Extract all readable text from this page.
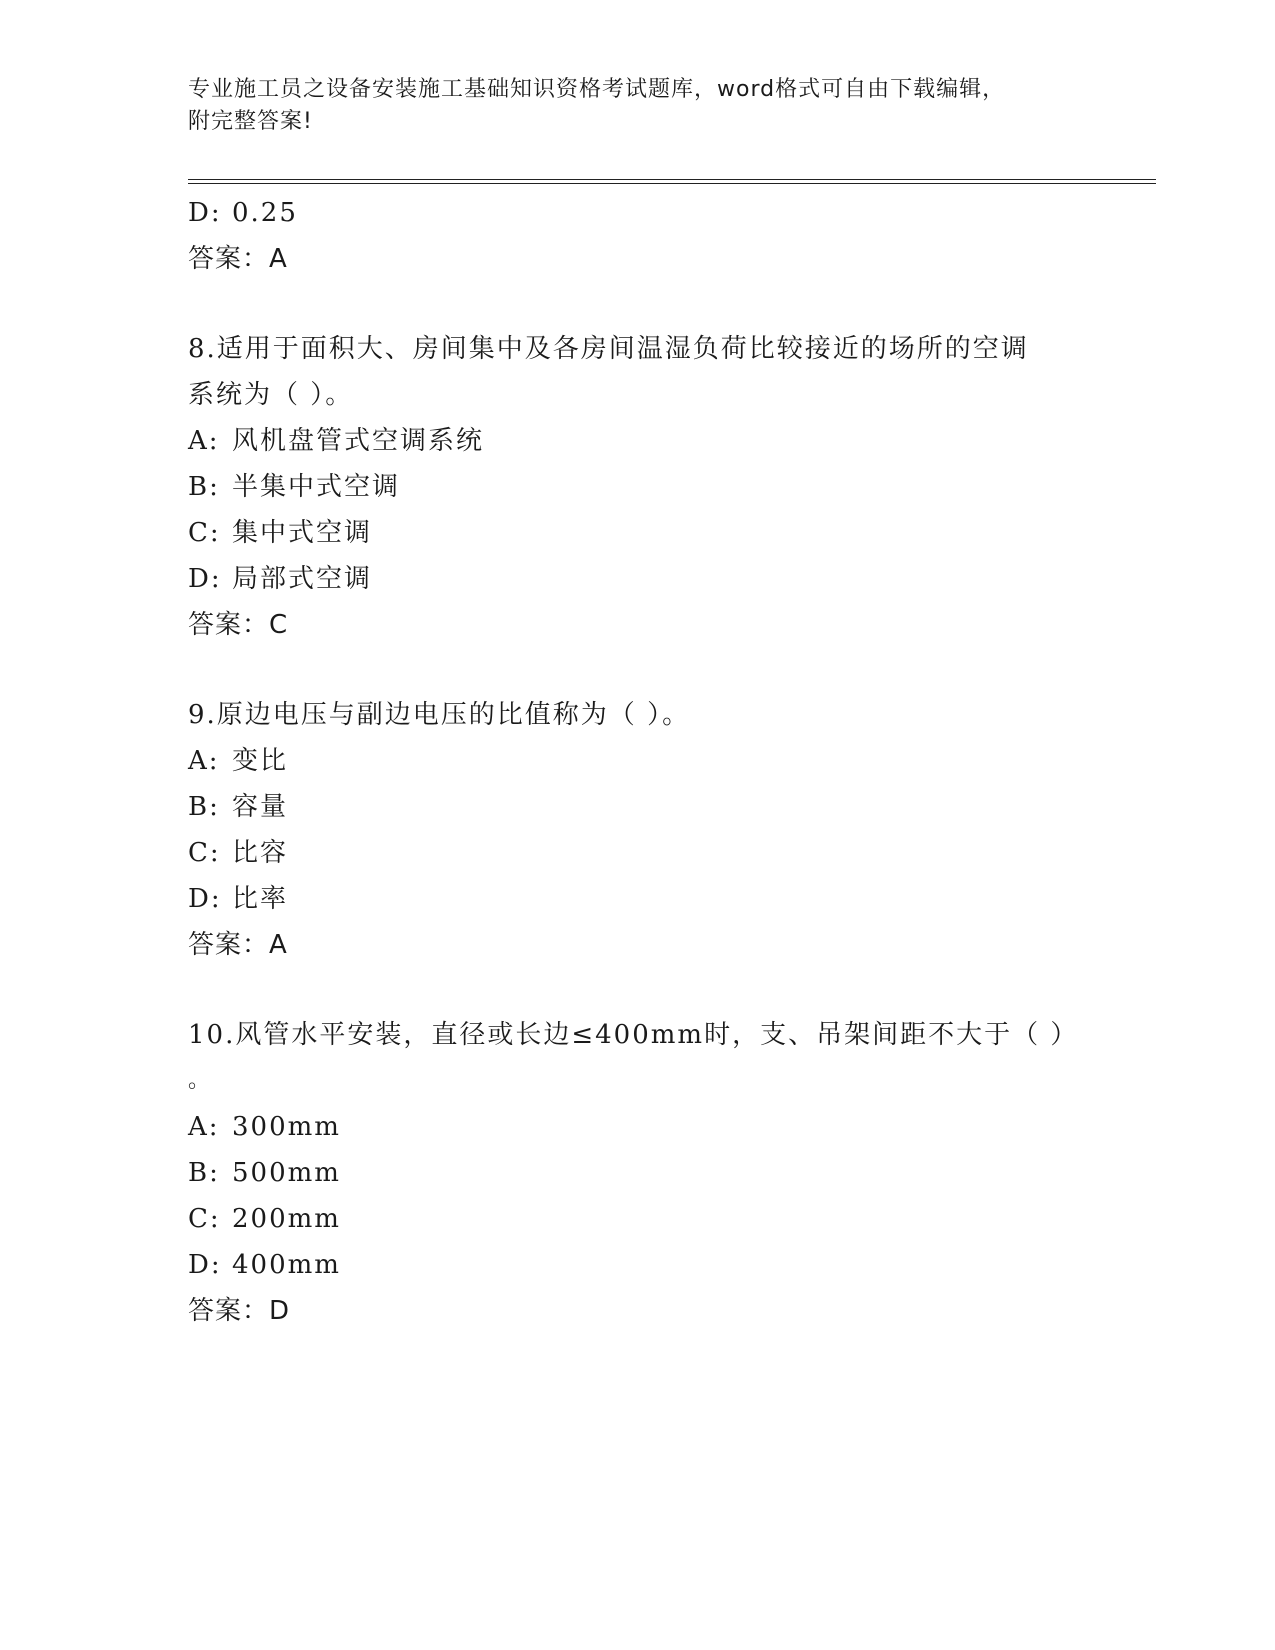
专业施工员之设备安装施工基础知识资格考试题库，word格式可自由下载编辑，
附完整答案!
D: 0.25
答案：A
8.适用于面积大、房间集中及各房间温湿负荷比较接近的场所的空调
系统为（ ）。
A: 风机盘管式空调系统
B: 半集中式空调
C: 集中式空调
D: 局部式空调
答案：C
9.原边电压与副边电压的比值称为（ ）。
A: 变比
B: 容量
C: 比容
D: 比率
答案：A
10.风管水平安装，直径或长边≤400mm时，支、吊架间距不大于（ ）
。
A: 300mm
B: 500mm
C: 200mm
D: 400mm
答案：D
